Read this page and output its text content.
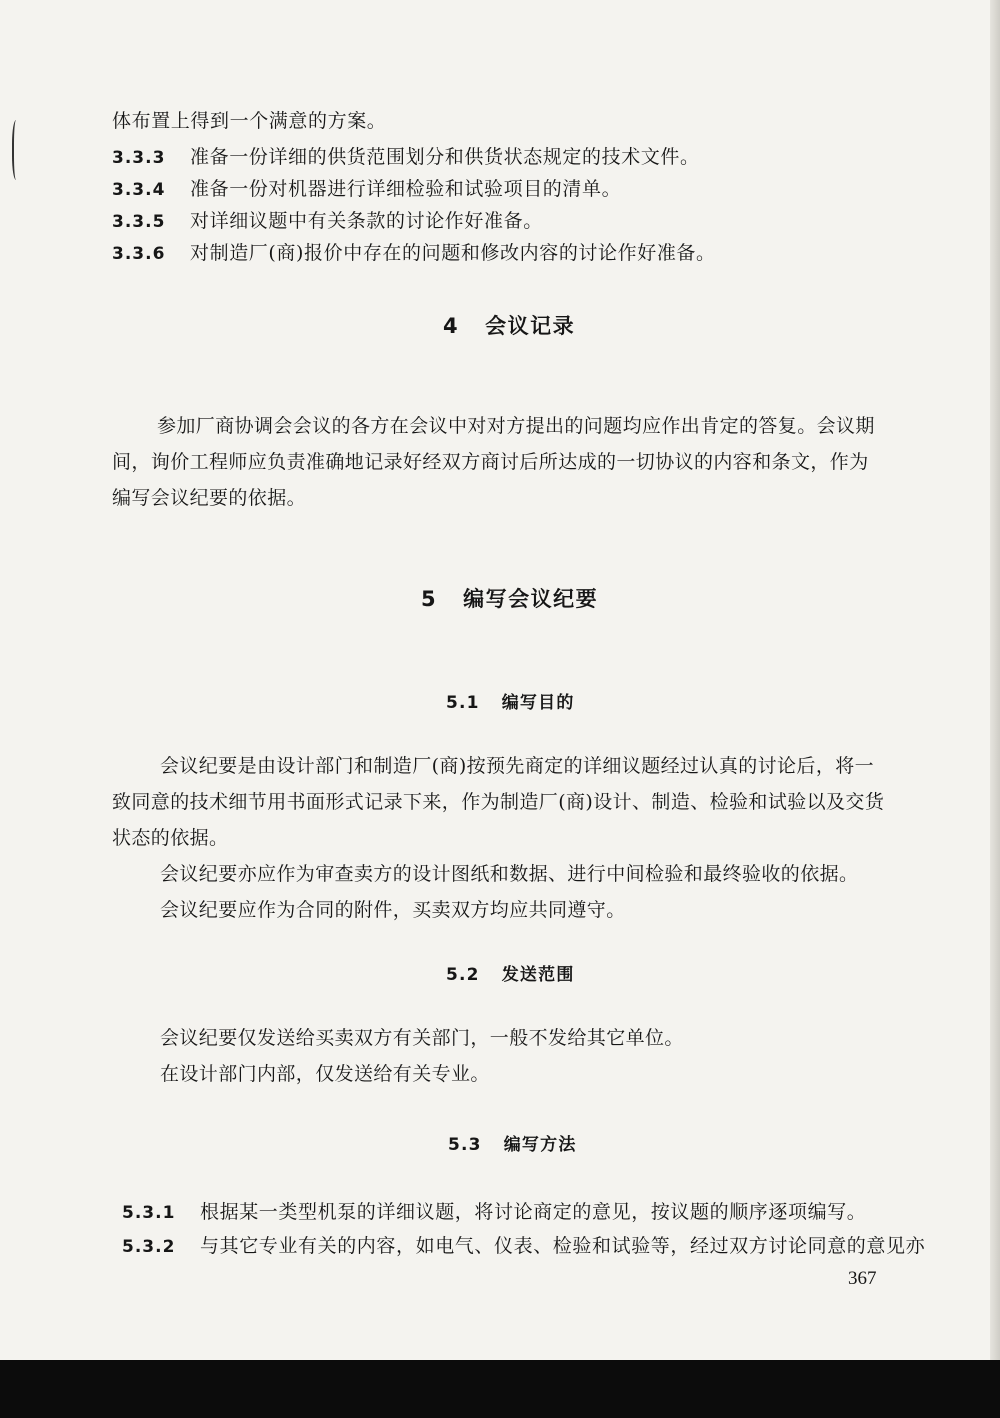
体布置上得到一个满意的方案。
3.3.3 准备一份详细的供货范围划分和供货状态规定的技术文件。
3.3.4 准备一份对机器进行详细检验和试验项目的清单。
3.3.5 对详细议题中有关条款的讨论作好准备。
3.3.6 对制造厂(商)报价中存在的问题和修改内容的讨论作好准备。
4 会议记录
参加厂商协调会会议的各方在会议中对对方提出的问题均应作出肯定的答复。会议期
间，询价工程师应负责准确地记录好经双方商讨后所达成的一切协议的内容和条文，作为
编写会议纪要的依据。
5 编写会议纪要
5.1 编写目的
会议纪要是由设计部门和制造厂(商)按预先商定的详细议题经过认真的讨论后，将一
致同意的技术细节用书面形式记录下来，作为制造厂(商)设计、制造、检验和试验以及交货
状态的依据。
会议纪要亦应作为审查卖方的设计图纸和数据、进行中间检验和最终验收的依据。
会议纪要应作为合同的附件，买卖双方均应共同遵守。
5.2 发送范围
会议纪要仅发送给买卖双方有关部门，一般不发给其它单位。
在设计部门内部，仅发送给有关专业。
5.3 编写方法
5.3.1 根据某一类型机泵的详细议题，将讨论商定的意见，按议题的顺序逐项编写。
5.3.2 与其它专业有关的内容，如电气、仪表、检验和试验等，经过双方讨论同意的意见亦
367
